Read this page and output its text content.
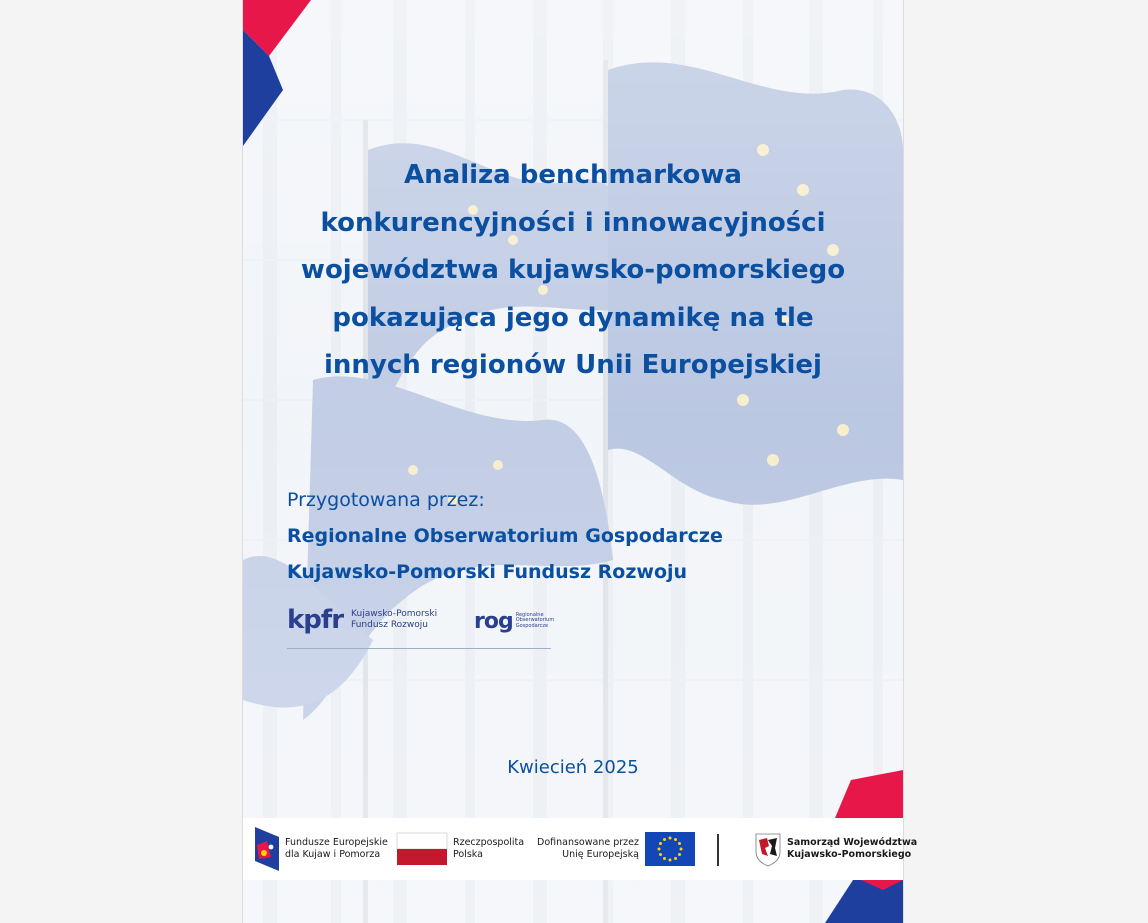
Analiza benchmarkowa
konkurencyjności i innowacyjności
województwa kujawsko-pomorskiego
pokazująca jego dynamikę na tle
innych regionów Unii Europejskiej

Przygotowana przez:

Regionalne Obserwatorium Gospodarcze

Kujawsko-Pomorski Fundusz Rozwoju

kpfr Kujawsko-Pomorski
Fundusz Rozwoju	rog Regionalne
Obserwatorium
Gospodarcze

Kwiecień 2025

Fundusze Europejskie
dla Kujaw i Pomorza
Rzeczpospolita
Polska
Dofinansowane przez
Unię Europejską
Samorząd Województwa
Kujawsko-Pomorskiego
